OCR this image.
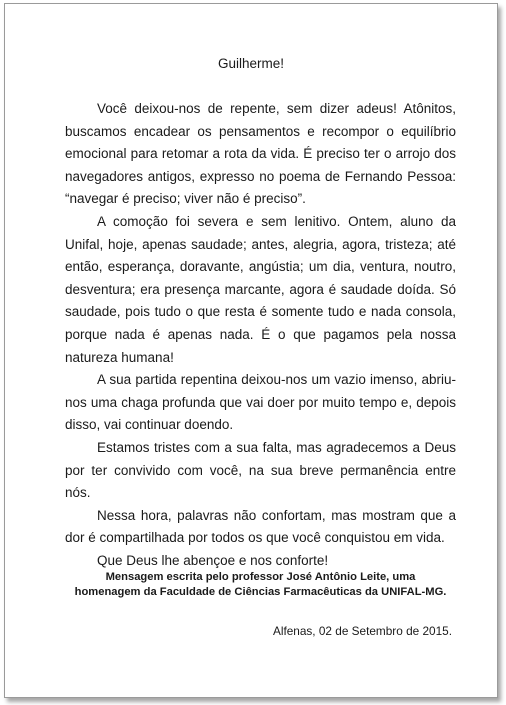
Guilherme!

Você deixou-nos de repente, sem dizer adeus! Atônitos, buscamos encadear os pensamentos e recompor o equilíbrio emocional para retomar a rota da vida. É preciso ter o arrojo dos navegadores antigos, expresso no poema de Fernando Pessoa: “navegar é preciso; viver não é preciso”.

A comoção foi severa e sem lenitivo. Ontem, aluno da Unifal, hoje, apenas saudade; antes, alegria, agora, tristeza; até então, esperança, doravante, angústia; um dia, ventura, noutro, desventura; era presença marcante, agora é saudade doída. Só saudade, pois tudo o que resta é somente tudo e nada consola, porque nada é apenas nada. É o que pagamos pela nossa natureza humana!

A sua partida repentina deixou-nos um vazio imenso, abriu-nos uma chaga profunda que vai doer por muito tempo e, depois disso, vai continuar doendo.

Estamos tristes com a sua falta, mas agradecemos a Deus por ter convivido com você, na sua breve permanência entre nós.

Nessa hora, palavras não confortam, mas mostram que a dor é compartilhada por todos os que você conquistou em vida.

Que Deus lhe abençoe e nos conforte!

Mensagem escrita pelo professor José Antônio Leite, uma
homenagem da Faculdade de Ciências Farmacêuticas da UNIFAL-MG.
Alfenas, 02 de Setembro de 2015.
